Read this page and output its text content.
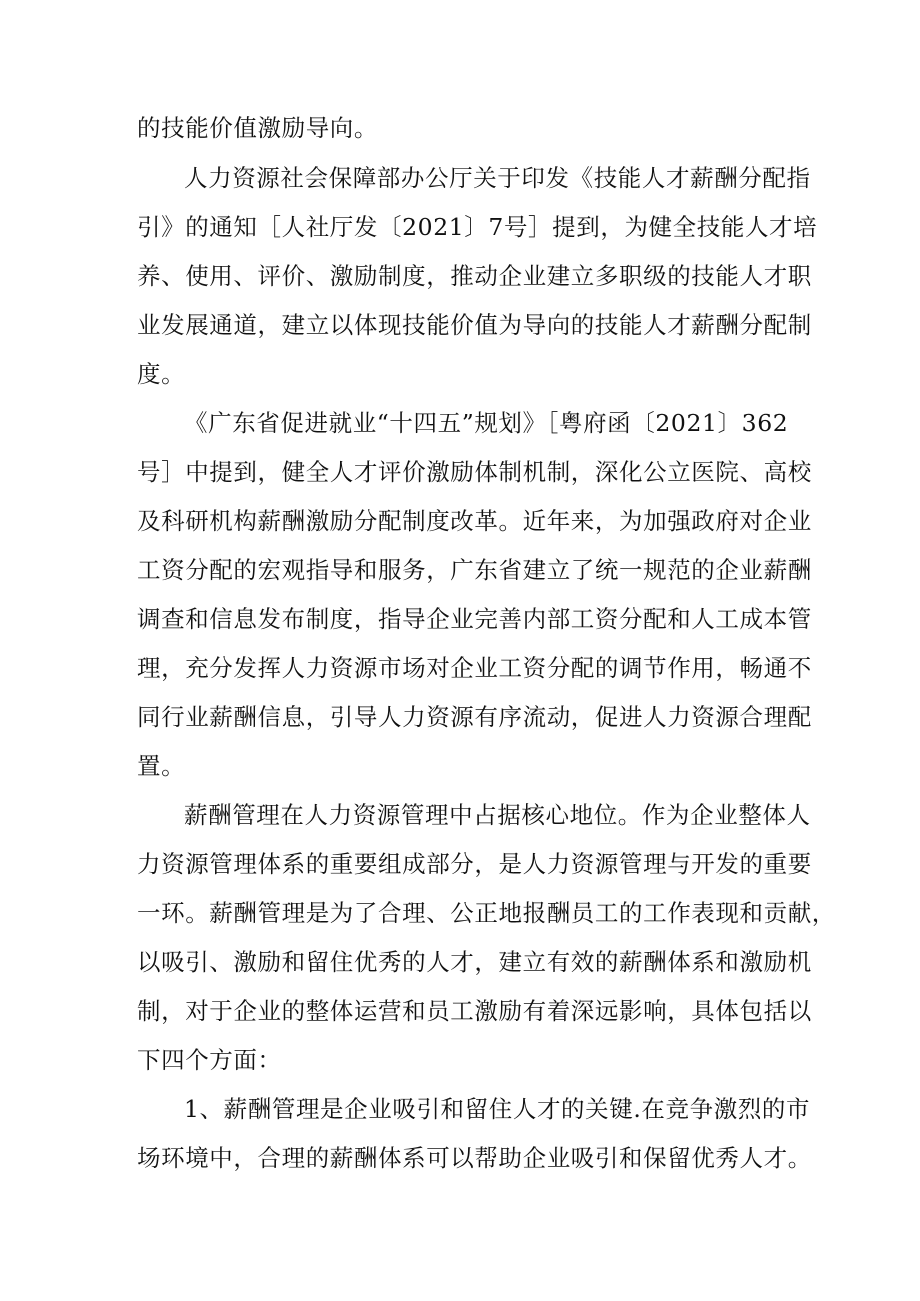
的技能价值激励导向。
人力资源社会保障部办公厅关于印发《技能人才薪酬分配指
引》的通知［人社厅发〔2021〕7号］提到，为健全技能人才培
养、使用、评价、激励制度，推动企业建立多职级的技能人才职
业发展通道，建立以体现技能价值为导向的技能人才薪酬分配制
度。
《广东省促进就业“十四五”规划》［粤府函〔2021〕362
号］中提到，健全人才评价激励体制机制，深化公立医院、高校
及科研机构薪酬激励分配制度改革。近年来，为加强政府对企业
工资分配的宏观指导和服务，广东省建立了统一规范的企业薪酬
调查和信息发布制度，指导企业完善内部工资分配和人工成本管
理，充分发挥人力资源市场对企业工资分配的调节作用，畅通不
同行业薪酬信息，引导人力资源有序流动，促进人力资源合理配
置。
薪酬管理在人力资源管理中占据核心地位。作为企业整体人
力资源管理体系的重要组成部分，是人力资源管理与开发的重要
一环。薪酬管理是为了合理、公正地报酬员工的工作表现和贡献，
以吸引、激励和留住优秀的人才，建立有效的薪酬体系和激励机
制，对于企业的整体运营和员工激励有着深远影响，具体包括以
下四个方面：
1、薪酬管理是企业吸引和留住人才的关键.在竞争激烈的市
场环境中，合理的薪酬体系可以帮助企业吸引和保留优秀人才。
